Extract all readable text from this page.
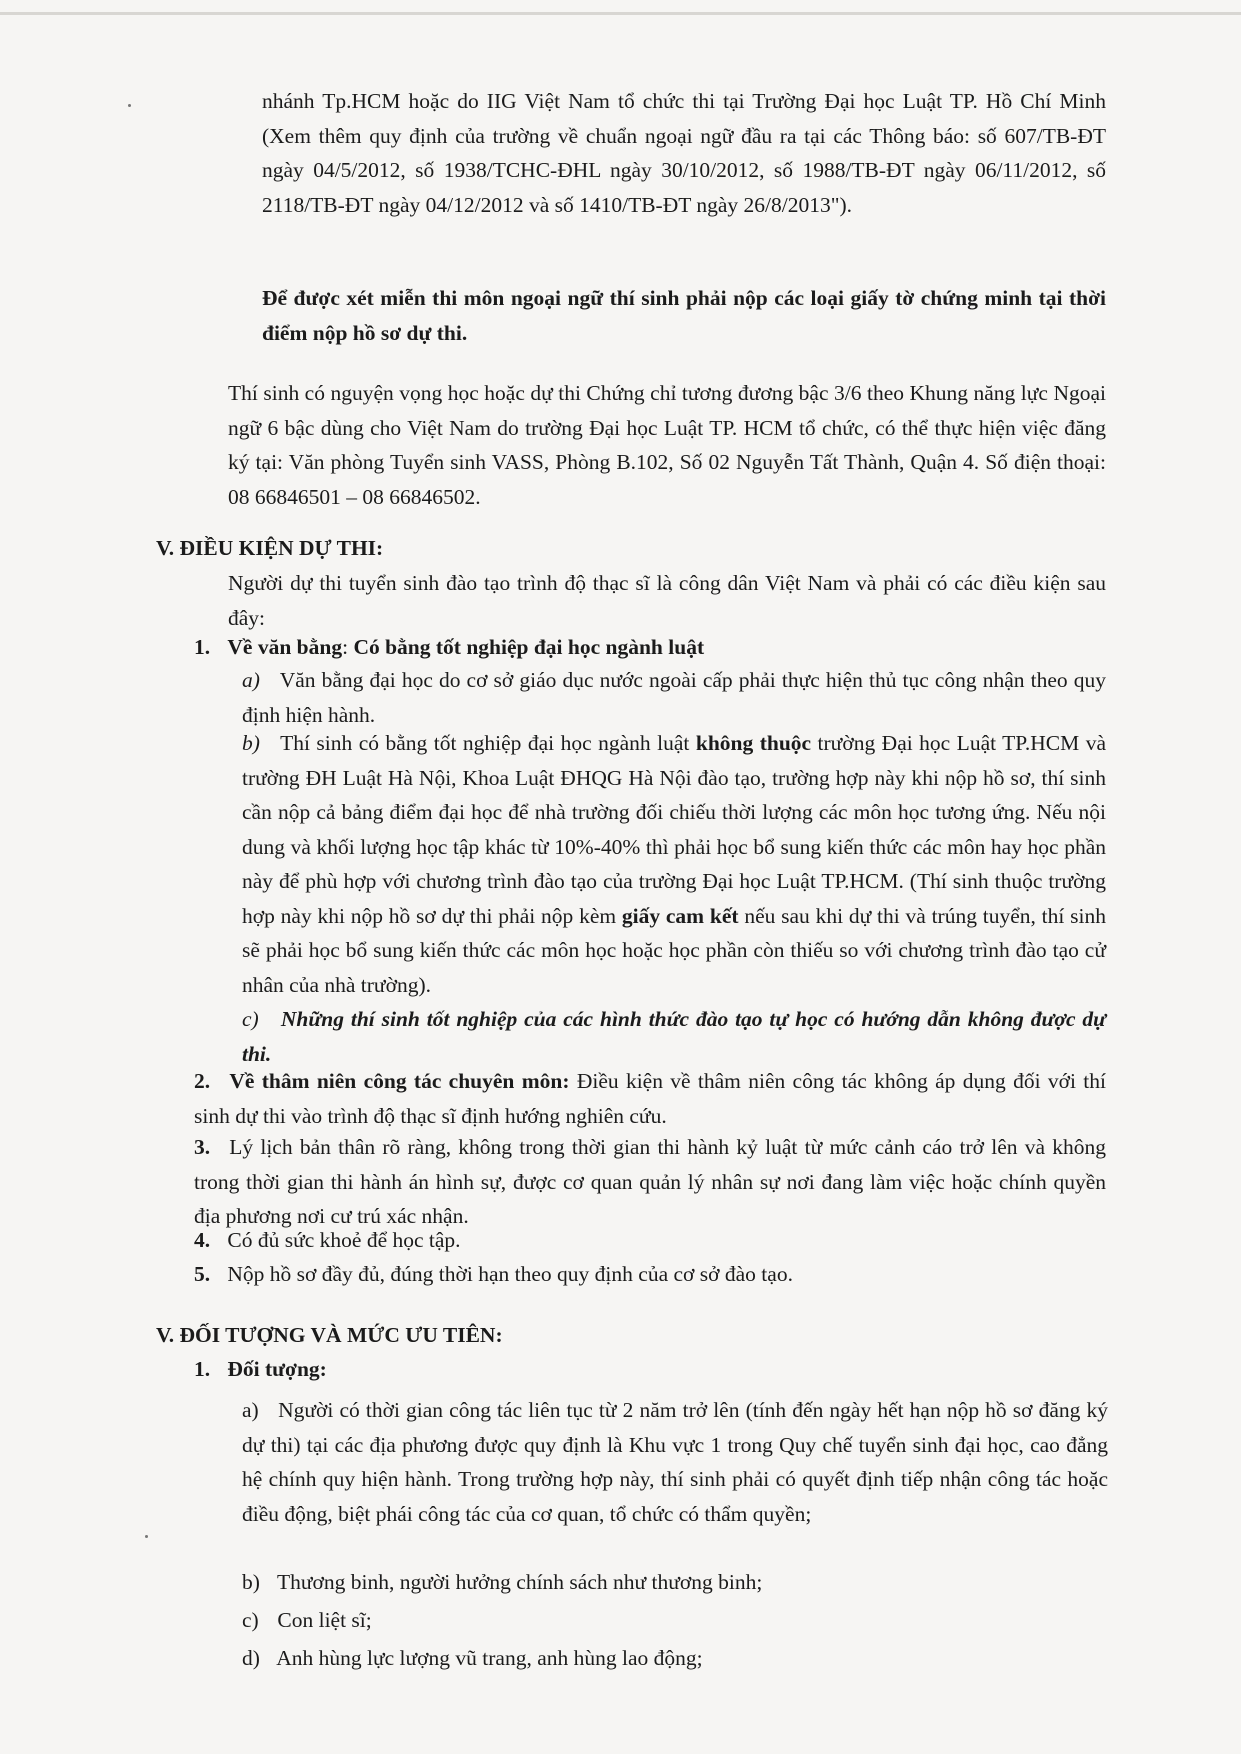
nhánh Tp.HCM hoặc do IIG Việt Nam tổ chức thi tại Trường Đại học Luật TP. Hồ Chí Minh (Xem thêm quy định của trường về chuẩn ngoại ngữ đầu ra tại các Thông báo: số 607/TB-ĐT ngày 04/5/2012, số 1938/TCHC-ĐHL ngày 30/10/2012, số 1988/TB-ĐT ngày 06/11/2012, số 2118/TB-ĐT ngày 04/12/2012 và số 1410/TB-ĐT ngày 26/8/2013").

Để được xét miễn thi môn ngoại ngữ thí sinh phải nộp các loại giấy tờ chứng minh tại thời điểm nộp hồ sơ dự thi.

Thí sinh có nguyện vọng học hoặc dự thi Chứng chỉ tương đương bậc 3/6 theo Khung năng lực Ngoại ngữ 6 bậc dùng cho Việt Nam do trường Đại học Luật TP. HCM tổ chức, có thể thực hiện việc đăng ký tại: Văn phòng Tuyển sinh VASS, Phòng B.102, Số 02 Nguyễn Tất Thành, Quận 4. Số điện thoại: 08 66846501 – 08 66846502.

V. ĐIỀU KIỆN DỰ THI:

Người dự thi tuyển sinh đào tạo trình độ thạc sĩ là công dân Việt Nam và phải có các điều kiện sau đây:

1. Về văn bằng: Có bằng tốt nghiệp đại học ngành luật

a) Văn bằng đại học do cơ sở giáo dục nước ngoài cấp phải thực hiện thủ tục công nhận theo quy định hiện hành.
b) Thí sinh có bằng tốt nghiệp đại học ngành luật không thuộc trường Đại học Luật TP.HCM và trường ĐH Luật Hà Nội, Khoa Luật ĐHQG Hà Nội đào tạo, trường hợp này khi nộp hồ sơ, thí sinh cần nộp cả bảng điểm đại học để nhà trường đối chiếu thời lượng các môn học tương ứng. Nếu nội dung và khối lượng học tập khác từ 10%-40% thì phải học bổ sung kiến thức các môn hay học phần này để phù hợp với chương trình đào tạo của trường Đại học Luật TP.HCM. (Thí sinh thuộc trường hợp này khi nộp hồ sơ dự thi phải nộp kèm giấy cam kết nếu sau khi dự thi và trúng tuyển, thí sinh sẽ phải học bổ sung kiến thức các môn học hoặc học phần còn thiếu so với chương trình đào tạo cử nhân của nhà trường).
c) Những thí sinh tốt nghiệp của các hình thức đào tạo tự học có hướng dẫn không được dự thi.
2. Về thâm niên công tác chuyên môn: Điều kiện về thâm niên công tác không áp dụng đối với thí sinh dự thi vào trình độ thạc sĩ định hướng nghiên cứu.
3. Lý lịch bản thân rõ ràng, không trong thời gian thi hành kỷ luật từ mức cảnh cáo trở lên và không trong thời gian thi hành án hình sự, được cơ quan quản lý nhân sự nơi đang làm việc hoặc chính quyền địa phương nơi cư trú xác nhận.
4. Có đủ sức khoẻ để học tập.
5. Nộp hồ sơ đầy đủ, đúng thời hạn theo quy định của cơ sở đào tạo.

V. ĐỐI TƯỢNG VÀ MỨC ƯU TIÊN:

1. Đối tượng:
a) Người có thời gian công tác liên tục từ 2 năm trở lên (tính đến ngày hết hạn nộp hồ sơ đăng ký dự thi) tại các địa phương được quy định là Khu vực 1 trong Quy chế tuyển sinh đại học, cao đẳng hệ chính quy hiện hành. Trong trường hợp này, thí sinh phải có quyết định tiếp nhận công tác hoặc điều động, biệt phái công tác của cơ quan, tổ chức có thẩm quyền;
b) Thương binh, người hưởng chính sách như thương binh;
c) Con liệt sĩ;
d) Anh hùng lực lượng vũ trang, anh hùng lao động;
